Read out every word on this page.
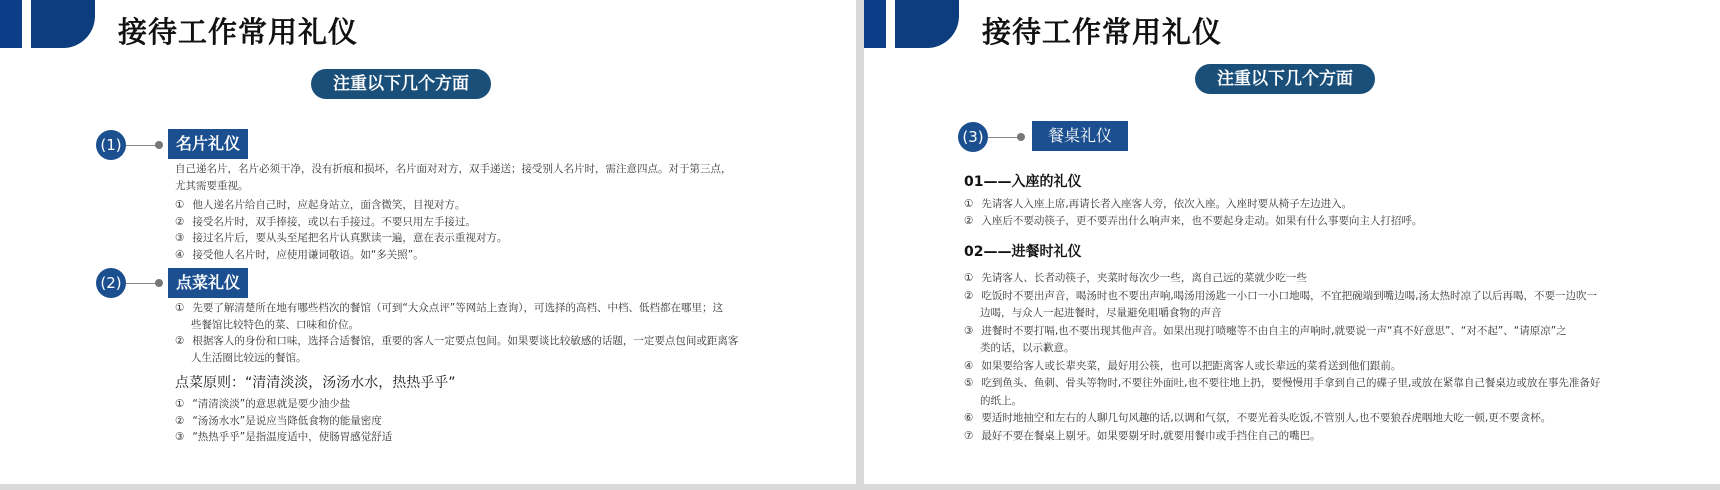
接待工作常用礼仪
注重以下几个方面
(1)	名片礼仪
自己递名片，名片必须干净，没有折痕和损坏，名片面对对方，双手递送；接受别人名片时，需注意四点。对于第三点，
尤其需要重视。
① 他人递名片给自己时，应起身站立，面含微笑，目视对方。
② 接受名片时，双手捧接，或以右手接过。不要只用左手接过。
③ 接过名片后，要从头至尾把名片认真默读一遍，意在表示重视对方。
④ 接受他人名片时，应使用谦词敬语。如“多关照”。
(2)	点菜礼仪
① 先要了解清楚所在地有哪些档次的餐馆（可到“大众点评”等网站上查询），可选择的高档、中档、低档都在哪里；这
些餐馆比较特色的菜、口味和价位。
② 根据客人的身份和口味，选择合适餐馆，重要的客人一定要点包间。如果要谈比较敏感的话题，一定要点包间或距离客
人生活圈比较远的餐馆。
点菜原则：“清清淡淡，汤汤水水，热热乎乎”
① “清清淡淡”的意思就是要少油少盐
② “汤汤水水”是说应当降低食物的能量密度
③ “热热乎乎”是指温度适中，使肠胃感觉舒适
接待工作常用礼仪
注重以下几个方面
(3)	餐桌礼仪
01——入座的礼仪
① 先请客人入座上席,再请长者入座客人旁，依次入座。入座时要从椅子左边进入。
② 入座后不要动筷子，更不要弄出什么响声来，也不要起身走动。如果有什么事要向主人打招呼。
02——进餐时礼仪
① 先请客人、长者动筷子，夹菜时每次少一些，离自己远的菜就少吃一些
② 吃饭时不要出声音，喝汤时也不要出声响,喝汤用汤匙一小口一小口地喝，不宜把碗端到嘴边喝,汤太热时凉了以后再喝，不要一边吹一
边喝，与众人一起进餐时，尽量避免咀嚼食物的声音
③ 进餐时不要打嗝,也不要出现其他声音。如果出现打喷嚏等不由自主的声响时,就要说一声“真不好意思”、“对不起”、“请原凉”之
类的话，以示歉意。
④ 如果要给客人或长辈夹菜，最好用公筷，也可以把距离客人或长辈远的菜肴送到他们跟前。
⑤ 吃到鱼头、鱼刺、骨头等物时,不要往外面吐,也不要往地上扔，要慢慢用手拿到自己的碟子里,或放在紧靠自己餐桌边或放在事先准备好
的纸上。
⑥ 要适时地抽空和左右的人聊几句风趣的话,以调和气氛，不要光着头吃饭,不管别人,也不要狼吞虎咽地大吃一顿,更不要贪杯。
⑦ 最好不要在餐桌上剔牙。如果要剔牙时,就要用餐巾或手挡住自己的嘴巴。
